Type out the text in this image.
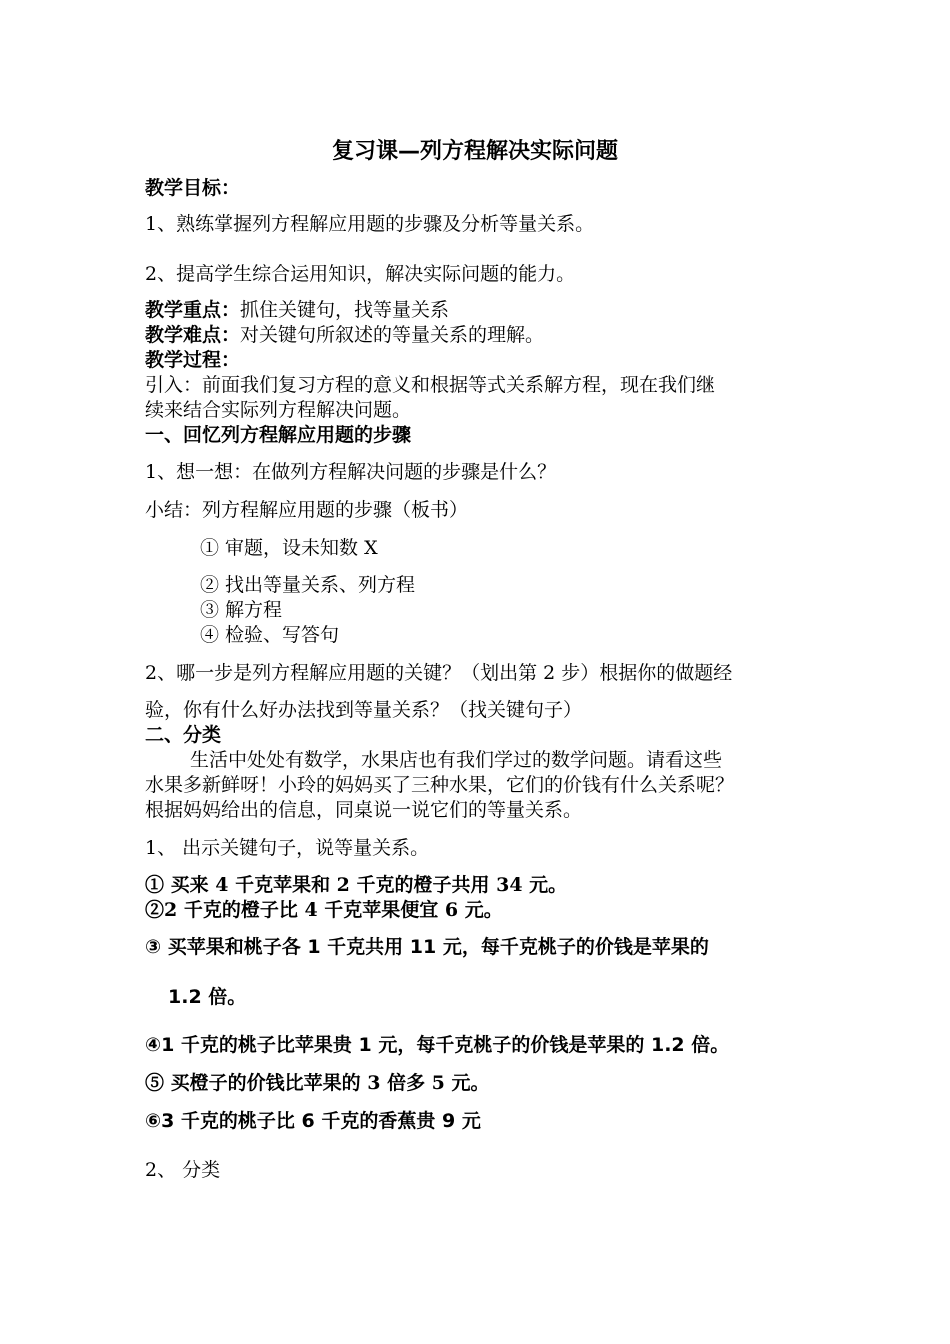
复习课—列方程解决实际问题
教学目标：
1、熟练掌握列方程解应用题的步骤及分析等量关系。
2、提高学生综合运用知识，解决实际问题的能力。
教学重点：抓住关键句，找等量关系
教学难点：对关键句所叙述的等量关系的理解。
教学过程：
引入：前面我们复习方程的意义和根据等式关系解方程，现在我们继
续来结合实际列方程解决问题。
一、回忆列方程解应用题的步骤
1、想一想：在做列方程解决问题的步骤是什么？
小结：列方程解应用题的步骤（板书）
① 审题，设未知数 X
② 找出等量关系、列方程
③ 解方程
④ 检验、写答句
2、哪一步是列方程解应用题的关键？（划出第 2 步）根据你的做题经
验，你有什么好办法找到等量关系？（找关键句子）
二、分类
生活中处处有数学，水果店也有我们学过的数学问题。请看这些
水果多新鲜呀！小玲的妈妈买了三种水果，它们的价钱有什么关系呢？
根据妈妈给出的信息，同桌说一说它们的等量关系。
1、 出示关键句子，说等量关系。
① 买来 4 千克苹果和 2 千克的橙子共用 34 元。
②2 千克的橙子比 4 千克苹果便宜 6 元。
③ 买苹果和桃子各 1 千克共用 11 元，每千克桃子的价钱是苹果的
1.2 倍。
④1 千克的桃子比苹果贵 1 元，每千克桃子的价钱是苹果的 1.2 倍。
⑤ 买橙子的价钱比苹果的 3 倍多 5 元。
⑥3 千克的桃子比 6 千克的香蕉贵 9 元
2、 分类
